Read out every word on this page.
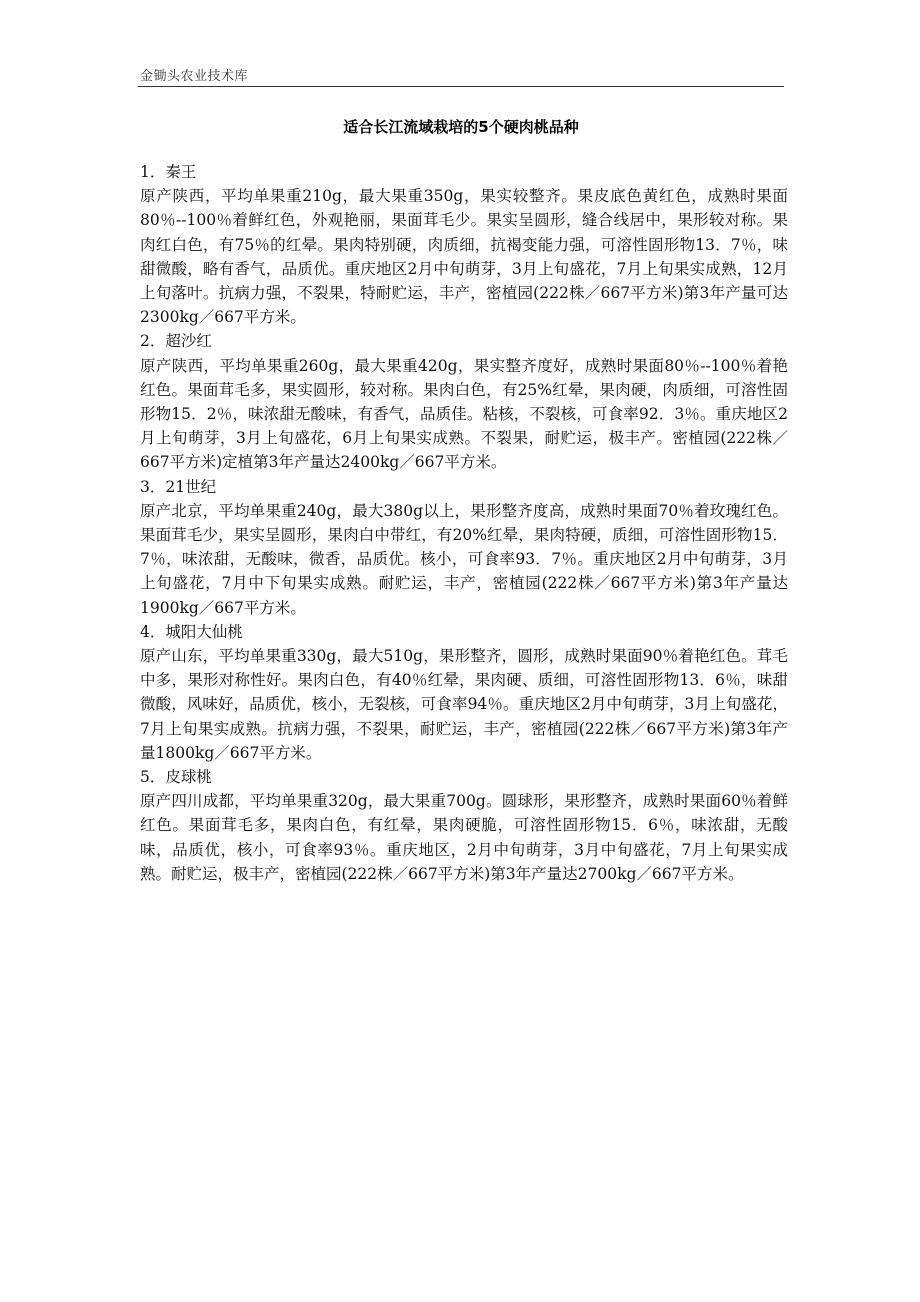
金锄头农业技术库
适合长江流域栽培的5个硬肉桃品种
1．秦王
原产陕西，平均单果重210g，最大果重350g，果实较整齐。果皮底色黄红色，成熟时果面80％--100％着鲜红色，外观艳丽，果面茸毛少。果实呈圆形，缝合线居中，果形较对称。果肉红白色，有75％的红晕。果肉特别硬，肉质细，抗褐变能力强，可溶性固形物13．7％，味甜微酸，略有香气，品质优。重庆地区2月中旬萌芽，3月上旬盛花，7月上旬果实成熟，12月上旬落叶。抗病力强，不裂果，特耐贮运，丰产，密植园(222株／667平方米)第3年产量可达2300kg／667平方米。
2．超沙红
原产陕西，平均单果重260g，最大果重420g，果实整齐度好，成熟时果面80％--100％着艳红色。果面茸毛多，果实圆形，较对称。果肉白色，有25%红晕，果肉硬，肉质细，可溶性固形物15．2％，味浓甜无酸味，有香气，品质佳。粘核，不裂核，可食率92．3％。重庆地区2月上旬萌芽，3月上旬盛花，6月上旬果实成熟。不裂果，耐贮运，极丰产。密植园(222株／667平方米)定植第3年产量达2400kg／667平方米。
3．21世纪
原产北京，平均单果重240g，最大380g以上，果形整齐度高，成熟时果面70％着玫瑰红色。果面茸毛少，果实呈圆形，果肉白中带红，有20%红晕，果肉特硬，质细，可溶性固形物15．7％，味浓甜，无酸味，微香，品质优。核小，可食率93．7％。重庆地区2月中旬萌芽，3月上旬盛花，7月中下旬果实成熟。耐贮运，丰产，密植园(222株／667平方米)第3年产量达1900kg／667平方米。
4．城阳大仙桃
原产山东，平均单果重330g，最大510g，果形整齐，圆形，成熟时果面90％着艳红色。茸毛中多，果形对称性好。果肉白色，有40％红晕，果肉硬、质细，可溶性固形物13．6％，味甜微酸，风味好，品质优，核小，无裂核，可食率94％。重庆地区2月中旬萌芽，3月上旬盛花，7月上旬果实成熟。抗病力强，不裂果，耐贮运，丰产，密植园(222株／667平方米)第3年产量1800kg／667平方米。
5．皮球桃
原产四川成都，平均单果重320g，最大果重700g。圆球形，果形整齐，成熟时果面60％着鲜红色。果面茸毛多，果肉白色，有红晕，果肉硬脆，可溶性固形物15．6％，味浓甜，无酸味，品质优，核小，可食率93％。重庆地区，2月中旬萌芽，3月中旬盛花，7月上旬果实成熟。耐贮运，极丰产，密植园(222株／667平方米)第3年产量达2700kg／667平方米。
